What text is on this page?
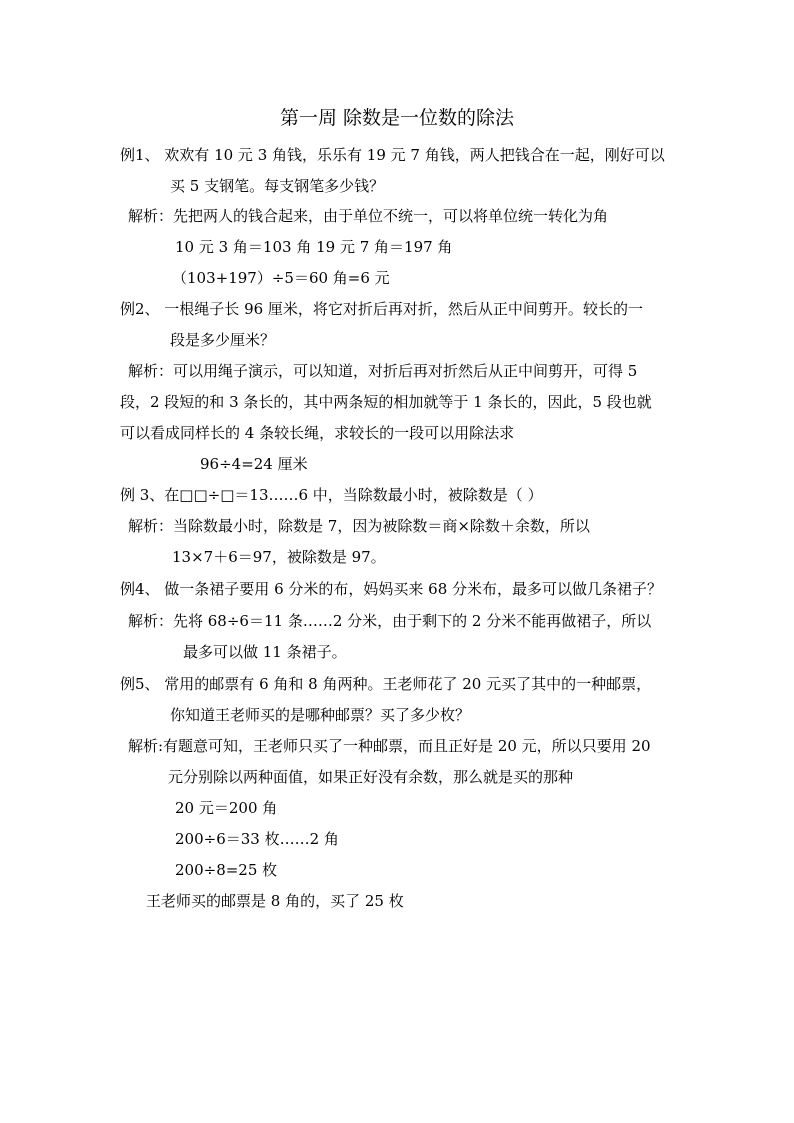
第一周 除数是一位数的除法
例1、 欢欢有 10 元 3 角钱，乐乐有 19 元 7 角钱，两人把钱合在一起，刚好可以
买 5 支钢笔。每支钢笔多少钱？
解析：先把两人的钱合起来，由于单位不统一，可以将单位统一转化为角
10 元 3 角＝103 角 19 元 7 角＝197 角
（103+197）÷5＝60 角=6 元
例2、 一根绳子长 96 厘米，将它对折后再对折，然后从正中间剪开。较长的一
段是多少厘米？
解析：可以用绳子演示，可以知道，对折后再对折然后从正中间剪开，可得 5
段，2 段短的和 3 条长的，其中两条短的相加就等于 1 条长的，因此，5 段也就
可以看成同样长的 4 条较长绳，求较长的一段可以用除法求
96÷4=24 厘米
例 3、在□□÷□＝13……6 中，当除数最小时，被除数是（ ）
解析：当除数最小时，除数是 7，因为被除数＝商×除数＋余数，所以
13×7＋6＝97，被除数是 97。
例4、 做一条裙子要用 6 分米的布，妈妈买来 68 分米布，最多可以做几条裙子？
解析：先将 68÷6＝11 条……2 分米，由于剩下的 2 分米不能再做裙子，所以
最多可以做 11 条裙子。
例5、 常用的邮票有 6 角和 8 角两种。王老师花了 20 元买了其中的一种邮票，
你知道王老师买的是哪种邮票？买了多少枚？
解析:有题意可知，王老师只买了一种邮票，而且正好是 20 元，所以只要用 20
元分别除以两种面值，如果正好没有余数，那么就是买的那种
20 元＝200 角
200÷6＝33 枚……2 角
200÷8=25 枚
王老师买的邮票是 8 角的，买了 25 枚
